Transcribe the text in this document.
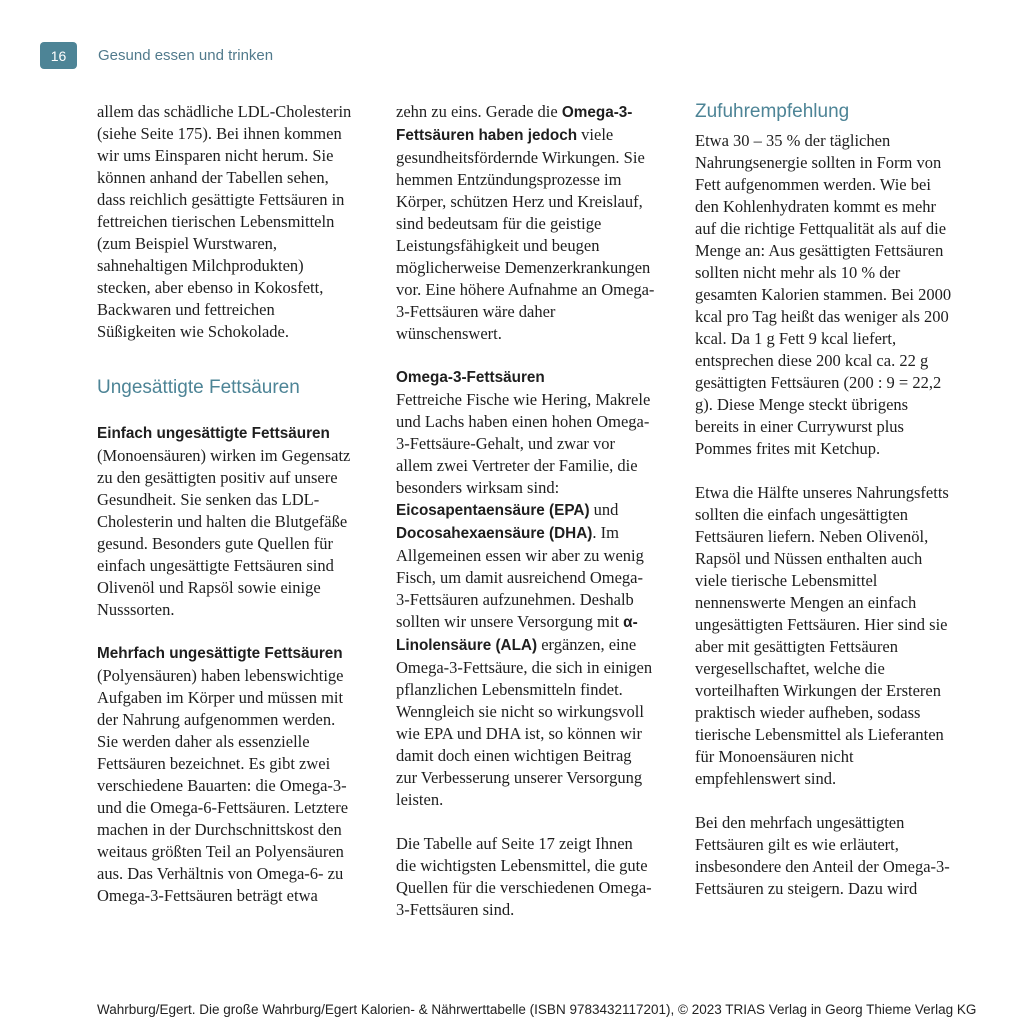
16	Gesund essen und trinken

allem das schädliche LDL-Cholesterin (siehe Seite 175). Bei ihnen kommen wir ums Einsparen nicht herum. Sie können anhand der Tabellen sehen, dass reichlich gesättigte Fettsäuren in fettreichen tierischen Lebensmitteln (zum Beispiel Wurstwaren, sahnehaltigen Milchprodukten) stecken, aber ebenso in Kokosfett, Backwaren und fettreichen Süßigkeiten wie Schokolade.

Ungesättigte Fettsäuren
Einfach ungesättigte Fettsäuren

(Monoensäuren) wirken im Gegensatz zu den gesättigten positiv auf unsere Gesundheit. Sie senken das LDL-Cholesterin und halten die Blutgefäße gesund. Besonders gute Quellen für einfach ungesättigte Fettsäuren sind Olivenöl und Rapsöl sowie einige Nusssorten.

Mehrfach ungesättigte Fettsäuren

(Polyensäuren) haben lebenswichtige Aufgaben im Körper und müssen mit der Nahrung aufgenommen werden. Sie werden daher als essenzielle Fettsäuren bezeichnet. Es gibt zwei verschiedene Bauarten: die Omega-3- und die Omega-6-Fettsäuren. Letztere machen in der Durchschnittskost den weitaus größten Teil an Polyensäuren aus. Das Verhältnis von Omega-6- zu Omega-3-Fettsäuren beträgt etwa

zehn zu eins. Gerade die Omega-3-Fettsäuren haben jedoch viele gesundheitsfördernde Wirkungen. Sie hemmen Entzündungsprozesse im Körper, schützen Herz und Kreislauf, sind bedeutsam für die geistige Leistungsfähigkeit und beugen möglicherweise Demenzerkrankungen vor. Eine höhere Aufnahme an Omega-3-Fettsäuren wäre daher wünschenswert.

Omega-3-Fettsäuren

Fettreiche Fische wie Hering, Makrele und Lachs haben einen hohen Omega-3-Fettsäure-Gehalt, und zwar vor allem zwei Vertreter der Familie, die besonders wirksam sind: Eicosapentaensäure (EPA) und Docosahexaensäure (DHA). Im Allgemeinen essen wir aber zu wenig Fisch, um damit ausreichend Omega-3-Fettsäuren aufzunehmen. Deshalb sollten wir unsere Versorgung mit α-Linolensäure (ALA) ergänzen, eine Omega-3-Fettsäure, die sich in einigen pflanzlichen Lebensmitteln findet. Wenngleich sie nicht so wirkungsvoll wie EPA und DHA ist, so können wir damit doch einen wichtigen Beitrag zur Verbesserung unserer Versorgung leisten.

Die Tabelle auf Seite 17 zeigt Ihnen die wichtigsten Lebensmittel, die gute Quellen für die verschiedenen Omega-3-Fettsäuren sind.

Zufuhrempfehlung

Etwa 30 – 35 % der täglichen Nahrungsenergie sollten in Form von Fett aufgenommen werden. Wie bei den Kohlenhydraten kommt es mehr auf die richtige Fettqualität als auf die Menge an: Aus gesättigten Fettsäuren sollten nicht mehr als 10 % der gesamten Kalorien stammen. Bei 2000 kcal pro Tag heißt das weniger als 200 kcal. Da 1 g Fett 9 kcal liefert, entsprechen diese 200 kcal ca. 22 g gesättigten Fettsäuren (200 : 9 = 22,2 g). Diese Menge steckt übrigens bereits in einer Currywurst plus Pommes frites mit Ketchup.

Etwa die Hälfte unseres Nahrungsfetts sollten die einfach ungesättigten Fettsäuren liefern. Neben Olivenöl, Rapsöl und Nüssen enthalten auch viele tierische Lebensmittel nennenswerte Mengen an einfach ungesättigten Fettsäuren. Hier sind sie aber mit gesättigten Fettsäuren vergesellschaftet, welche die vorteilhaften Wirkungen der Ersteren praktisch wieder aufheben, sodass tierische Lebensmittel als Lieferanten für Monoensäuren nicht empfehlenswert sind.

Bei den mehrfach ungesättigten Fettsäuren gilt es wie erläutert, insbesondere den Anteil der Omega-3-Fettsäuren zu steigern. Dazu wird

Wahrburg/Egert. Die große Wahrburg/Egert Kalorien- & Nährwerttabelle (ISBN 9783432117201), © 2023 TRIAS Verlag in Georg Thieme Verlag KG
